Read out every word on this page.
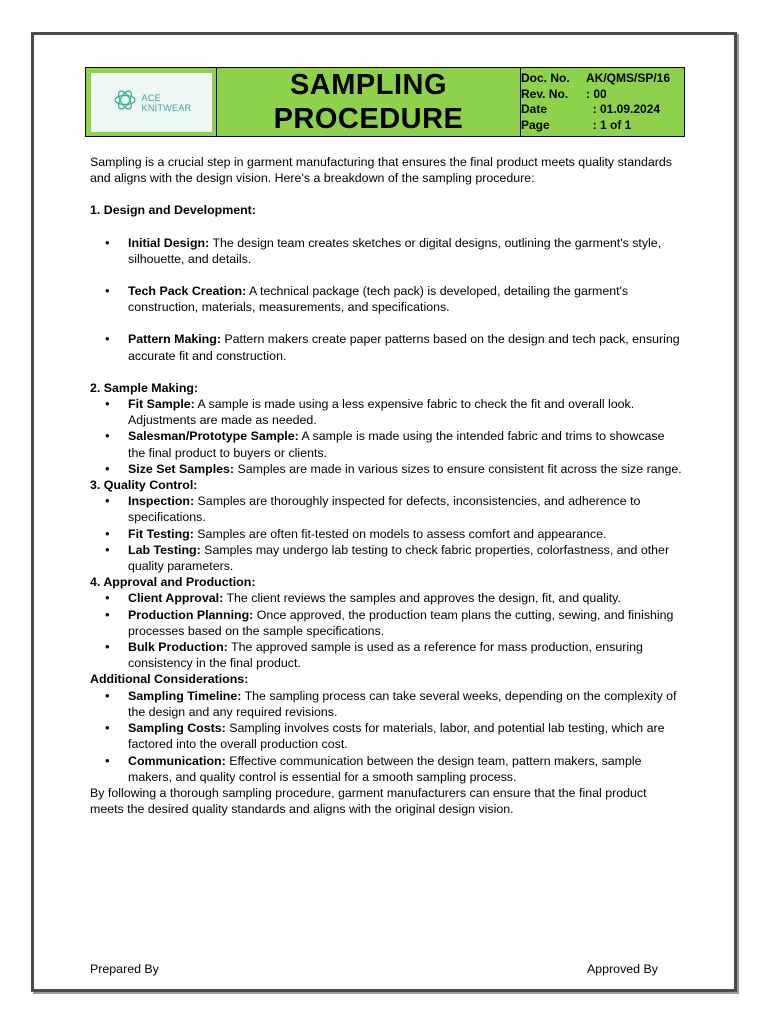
ACE
KNITWEAR

SAMPLING
PROCEDURE

Doc. No.	AK/QMS/SP/16
Rev. No.	: 00
Date	: 01.09.2024
Page	: 1 of 1

Sampling is a crucial step in garment manufacturing that ensures the final product meets quality standards and aligns with the design vision. Here's a breakdown of the sampling procedure:

1. Design and Development:

• Initial Design: The design team creates sketches or digital designs, outlining the garment's style, silhouette, and details.
• Tech Pack Creation: A technical package (tech pack) is developed, detailing the garment's construction, materials, measurements, and specifications.
• Pattern Making: Pattern makers create paper patterns based on the design and tech pack, ensuring accurate fit and construction.

2. Sample Making:

• Fit Sample: A sample is made using a less expensive fabric to check the fit and overall look. Adjustments are made as needed.
• Salesman/Prototype Sample: A sample is made using the intended fabric and trims to showcase the final product to buyers or clients.
• Size Set Samples: Samples are made in various sizes to ensure consistent fit across the size range.

3. Quality Control:

• Inspection: Samples are thoroughly inspected for defects, inconsistencies, and adherence to specifications.
• Fit Testing: Samples are often fit-tested on models to assess comfort and appearance.
• Lab Testing: Samples may undergo lab testing to check fabric properties, colorfastness, and other quality parameters.

4. Approval and Production:

• Client Approval: The client reviews the samples and approves the design, fit, and quality.
• Production Planning: Once approved, the production team plans the cutting, sewing, and finishing processes based on the sample specifications.
• Bulk Production: The approved sample is used as a reference for mass production, ensuring consistency in the final product.

Additional Considerations:

• Sampling Timeline: The sampling process can take several weeks, depending on the complexity of the design and any required revisions.
• Sampling Costs: Sampling involves costs for materials, labor, and potential lab testing, which are factored into the overall production cost.
• Communication: Effective communication between the design team, pattern makers, sample makers, and quality control is essential for a smooth sampling process.

By following a thorough sampling procedure, garment manufacturers can ensure that the final product meets the desired quality standards and aligns with the original design vision.

Prepared By	Approved By
